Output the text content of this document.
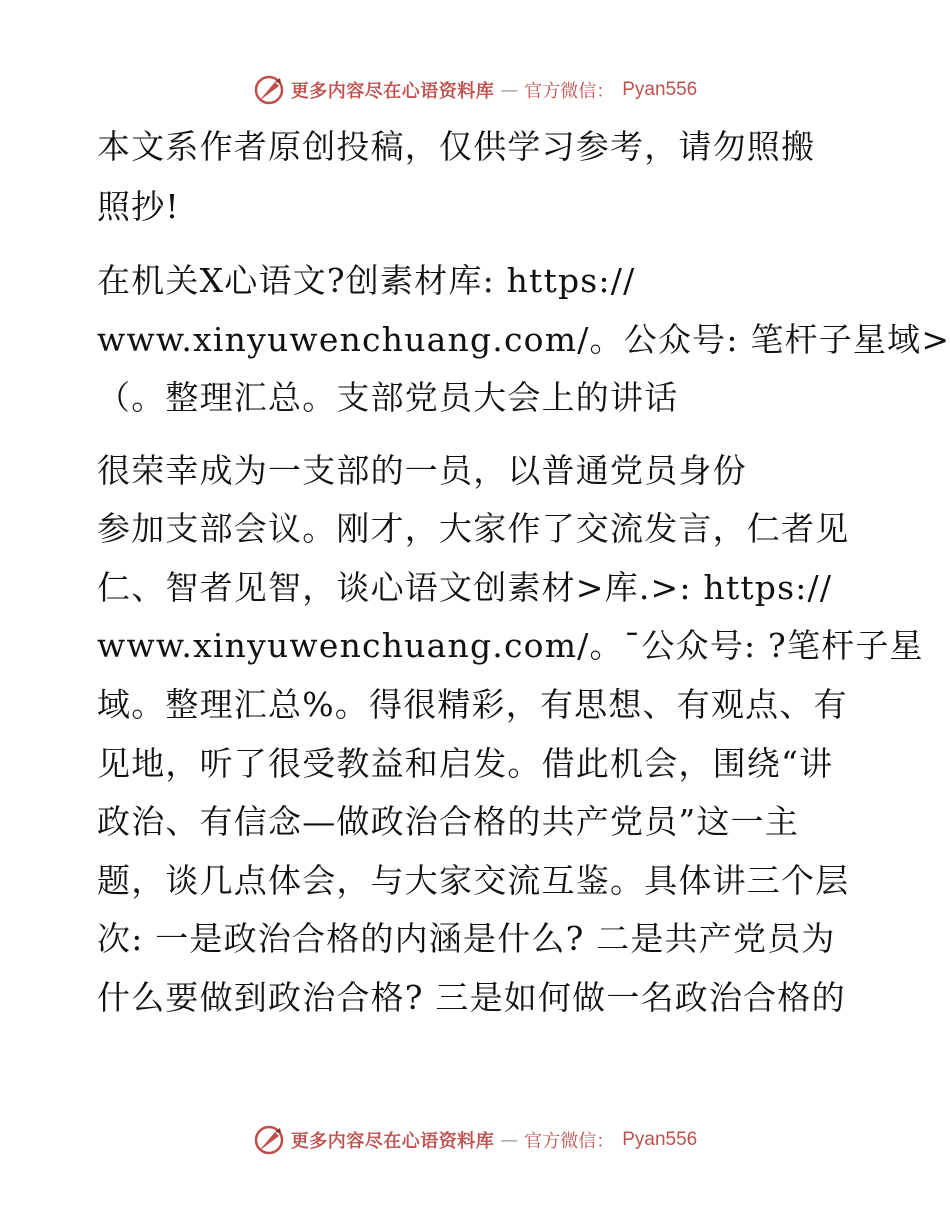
更多内容尽在心语资料库 — 官方微信： Pyan556
本文系作者原创投稿，仅供学习参考，请勿照搬
照抄!
在机关X心语文?创素材库: https://
www.xinyuwenchuang.com/。公众号: 笔杆子星域>
（。整理汇总。支部党员大会上的讲话
很荣幸成为一支部的一员，以普通党员身份
参加支部会议。刚才，大家作了交流发言，仁者见
仁、智者见智，谈心语文创素材>库.>: https://
www.xinyuwenchuang.com/。¯公众号: ?笔杆子星
域。整理汇总%。得很精彩，有思想、有观点、有
见地，听了很受教益和启发。借此机会，围绕“讲
政治、有信念—做政治合格的共产党员”这一主
题，谈几点体会，与大家交流互鉴。具体讲三个层
次: 一是政治合格的内涵是什么? 二是共产党员为
什么要做到政治合格? 三是如何做一名政治合格的
更多内容尽在心语资料库 — 官方微信： Pyan556
